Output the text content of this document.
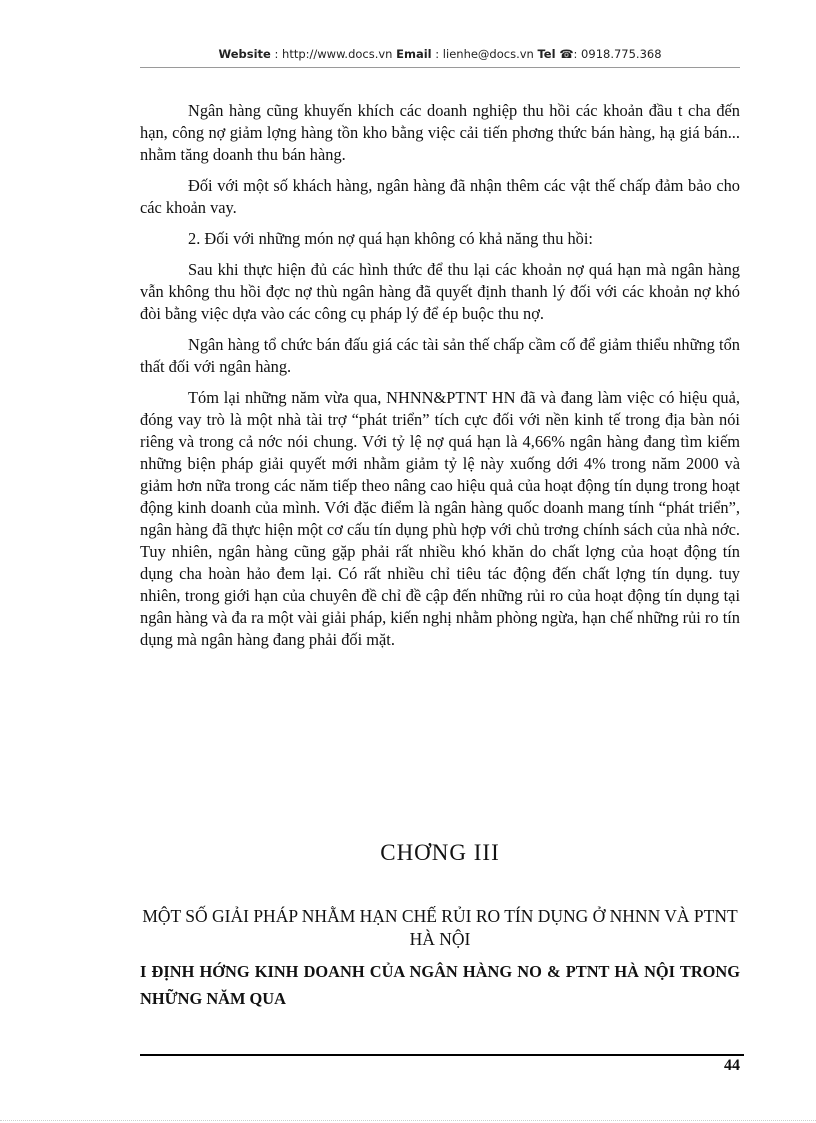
Website : http://www.docs.vn Email : lienhe@docs.vn Tel ☎: 0918.775.368

Ngân hàng cũng khuyến khích các doanh nghiệp thu hồi các khoản đầu t cha đến hạn, công nợ giảm lợng hàng tồn kho bằng việc cải tiến phơng thức bán hàng, hạ giá bán... nhằm tăng doanh thu bán hàng.

Đối với một số khách hàng, ngân hàng đã nhận thêm các vật thế chấp đảm bảo cho các khoản vay.

2. Đối với những món nợ quá hạn không có khả năng thu hồi:

Sau khi thực hiện đủ các hình thức để thu lại các khoản nợ quá hạn mà ngân hàng vẫn không thu hồi đợc nợ thù ngân hàng đã quyết định thanh lý đối với các khoản nợ khó đòi bằng việc dựa vào các công cụ pháp lý để ép buộc thu nợ.

Ngân hàng tổ chức bán đấu giá các tài sản thế chấp cầm cố để giảm thiểu những tổn thất đối với ngân hàng.

Tóm lại những năm vừa qua, NHNN&PTNT HN đã và đang làm việc có hiệu quả, đóng vay trò là một nhà tài trợ “phát triển” tích cực đối với nền kinh tế trong địa bàn nói riêng và trong cả nớc nói chung. Với tỷ lệ nợ quá hạn là 4,66% ngân hàng đang tìm kiếm những biện pháp giải quyết mới nhằm giảm tỷ lệ này xuống dới 4% trong năm 2000 và giảm hơn nữa trong các năm tiếp theo nâng cao hiệu quả của hoạt động tín dụng trong hoạt động kinh doanh của mình. Với đặc điểm là ngân hàng quốc doanh mang tính “phát triển”, ngân hàng đã thực hiện một cơ cấu tín dụng phù hợp với chủ trơng chính sách của nhà nớc. Tuy nhiên, ngân hàng cũng gặp phải rất nhiều khó khăn do chất lợng của hoạt động tín dụng cha hoàn hảo đem lại. Có rất nhiều chỉ tiêu tác động đến chất lợng tín dụng. tuy nhiên, trong giới hạn của chuyên đề chỉ đề cập đến những rủi ro của hoạt động tín dụng tại ngân hàng và đa ra một vài giải pháp, kiến nghị nhằm phòng ngừa, hạn chế những rủi ro tín dụng mà ngân hàng đang phải đối mặt.

CHƠNG III
MỘT SỐ GIẢI PHÁP NHẰM HẠN CHẾ RỦI RO TÍN DỤNG Ở NHNN VÀ PTNT HÀ NỘI
I ĐỊNH HỚNG KINH DOANH CỦA NGÂN HÀNG NO & PTNT HÀ NỘI TRONG NHỮNG NĂM QUA
44
